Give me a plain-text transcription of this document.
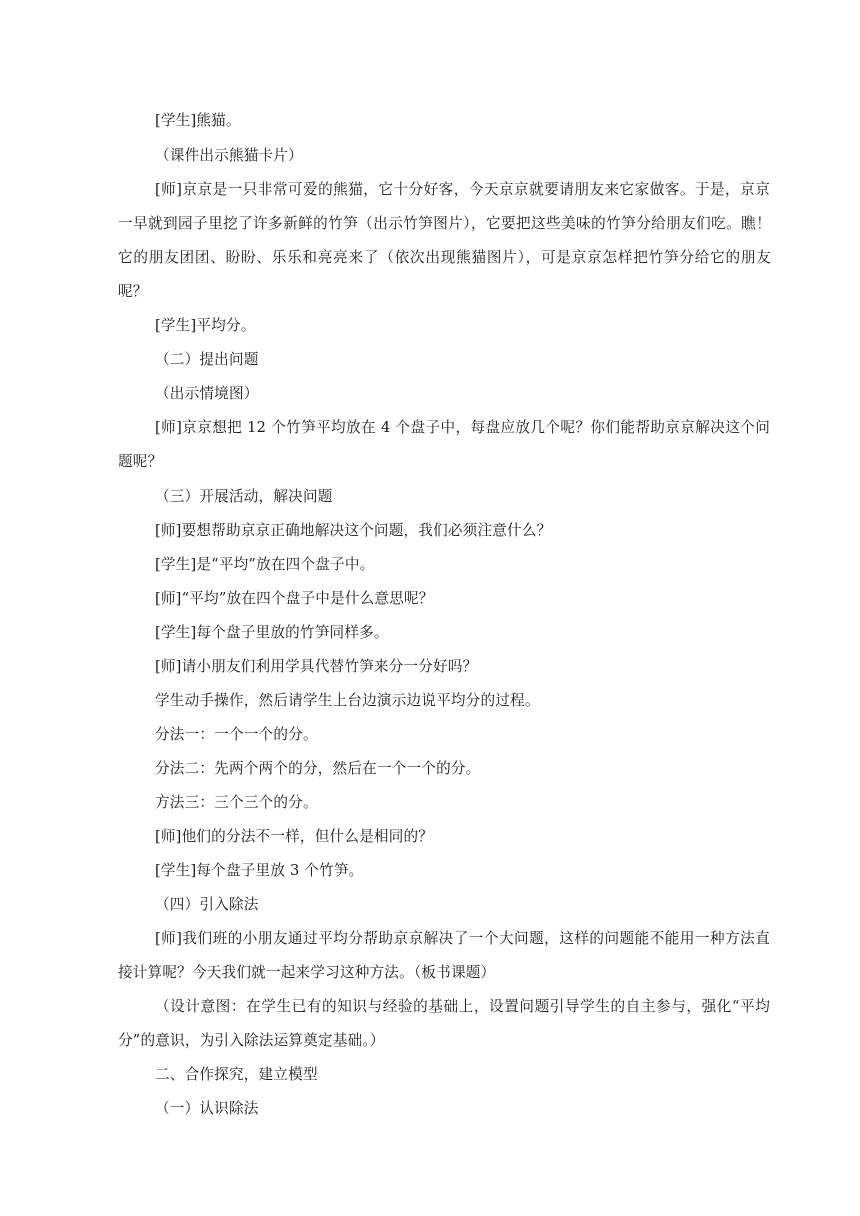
[学生]熊猫。
（课件出示熊猫卡片）
[师]京京是一只非常可爱的熊猫，它十分好客，今天京京就要请朋友来它家做客。于是，京京
一早就到园子里挖了许多新鲜的竹笋（出示竹笋图片），它要把这些美味的竹笋分给朋友们吃。瞧！
它的朋友团团、盼盼、乐乐和亮亮来了（依次出现熊猫图片），可是京京怎样把竹笋分给它的朋友
呢？
[学生]平均分。
（二）提出问题
（出示情境图）
[师]京京想把 12 个竹笋平均放在 4 个盘子中，每盘应放几个呢？你们能帮助京京解决这个问
题呢？
（三）开展活动，解决问题
[师]要想帮助京京正确地解决这个问题，我们必须注意什么？
[学生]是“平均”放在四个盘子中。
[师]“平均”放在四个盘子中是什么意思呢？
[学生]每个盘子里放的竹笋同样多。
[师]请小朋友们利用学具代替竹笋来分一分好吗？
学生动手操作，然后请学生上台边演示边说平均分的过程。
分法一：一个一个的分。
分法二：先两个两个的分，然后在一个一个的分。
方法三：三个三个的分。
[师]他们的分法不一样，但什么是相同的？
[学生]每个盘子里放 3 个竹笋。
（四）引入除法
[师]我们班的小朋友通过平均分帮助京京解决了一个大问题，这样的问题能不能用一种方法直
接计算呢？今天我们就一起来学习这种方法。（板书课题）
（设计意图：在学生已有的知识与经验的基础上，设置问题引导学生的自主参与，强化“平均
分”的意识，为引入除法运算奠定基础。）
二、合作探究，建立模型
（一）认识除法
